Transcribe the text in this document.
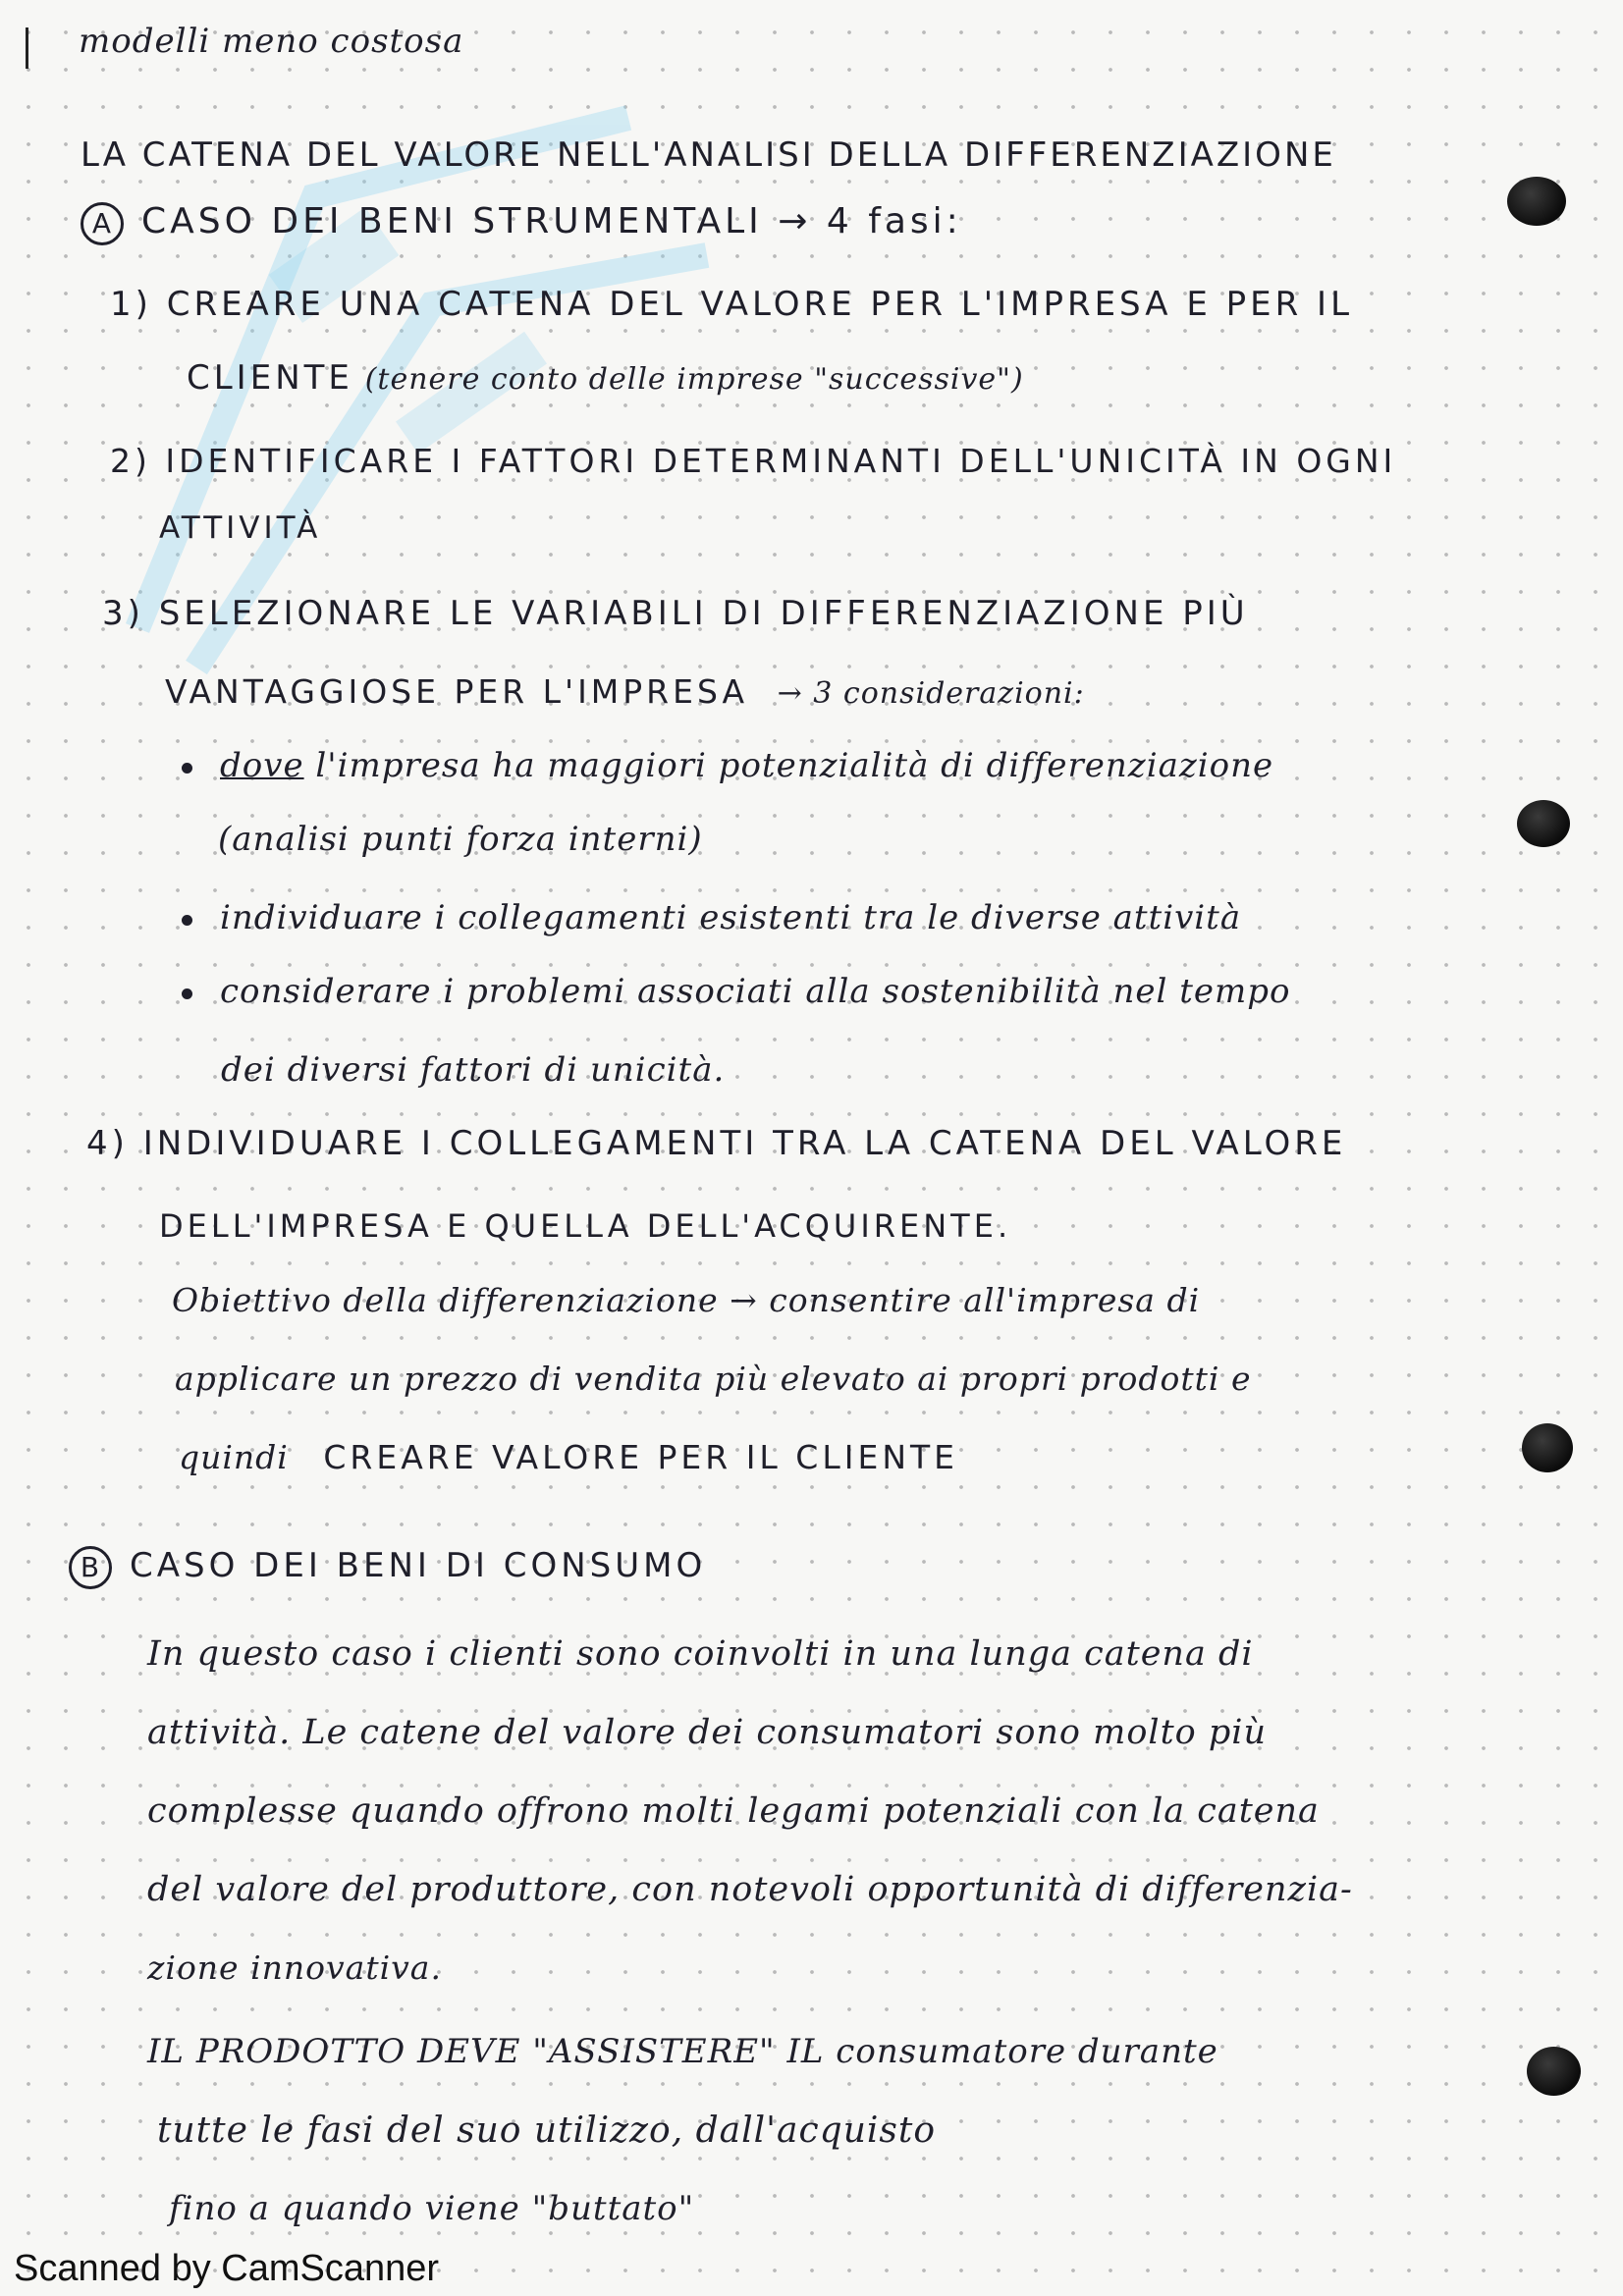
modelli meno costosa
LA CATENA DEL VALORE NELL'ANALISI DELLA DIFFERENZIAZIONE
A CASO DEI BENI STRUMENTALI → 4 fasi:
1) CREARE UNA CATENA DEL VALORE PER L'IMPRESA E PER IL
CLIENTE (tenere conto delle imprese "successive")
2) IDENTIFICARE I FATTORI DETERMINANTI DELL'UNICITÀ IN OGNI
ATTIVITÀ
3) SELEZIONARE LE VARIABILI DI DIFFERENZIAZIONE PIÙ
VANTAGGIOSE PER L'IMPRESA → 3 considerazioni:
dove l'impresa ha maggiori potenzialità di differenziazione
(analisi punti forza interni)
individuare i collegamenti esistenti tra le diverse attività
considerare i problemi associati alla sostenibilità nel tempo
dei diversi fattori di unicità.
4) INDIVIDUARE I COLLEGAMENTI TRA LA CATENA DEL VALORE
DELL'IMPRESA E QUELLA DELL'ACQUIRENTE.
Obiettivo della differenziazione → consentire all'impresa di
applicare un prezzo di vendita più elevato ai propri prodotti e
quindi CREARE VALORE PER IL CLIENTE
B CASO DEI BENI DI CONSUMO
In questo caso i clienti sono coinvolti in una lunga catena di
attività. Le catene del valore dei consumatori sono molto più
complesse quando offrono molti legami potenziali con la catena
del valore del produttore, con notevoli opportunità di differenzia-
zione innovativa.
IL PRODOTTO DEVE "ASSISTERE" IL consumatore durante
tutte le fasi del suo utilizzo, dall'acquisto
fino a quando viene "buttato"
Scanned by CamScanner
